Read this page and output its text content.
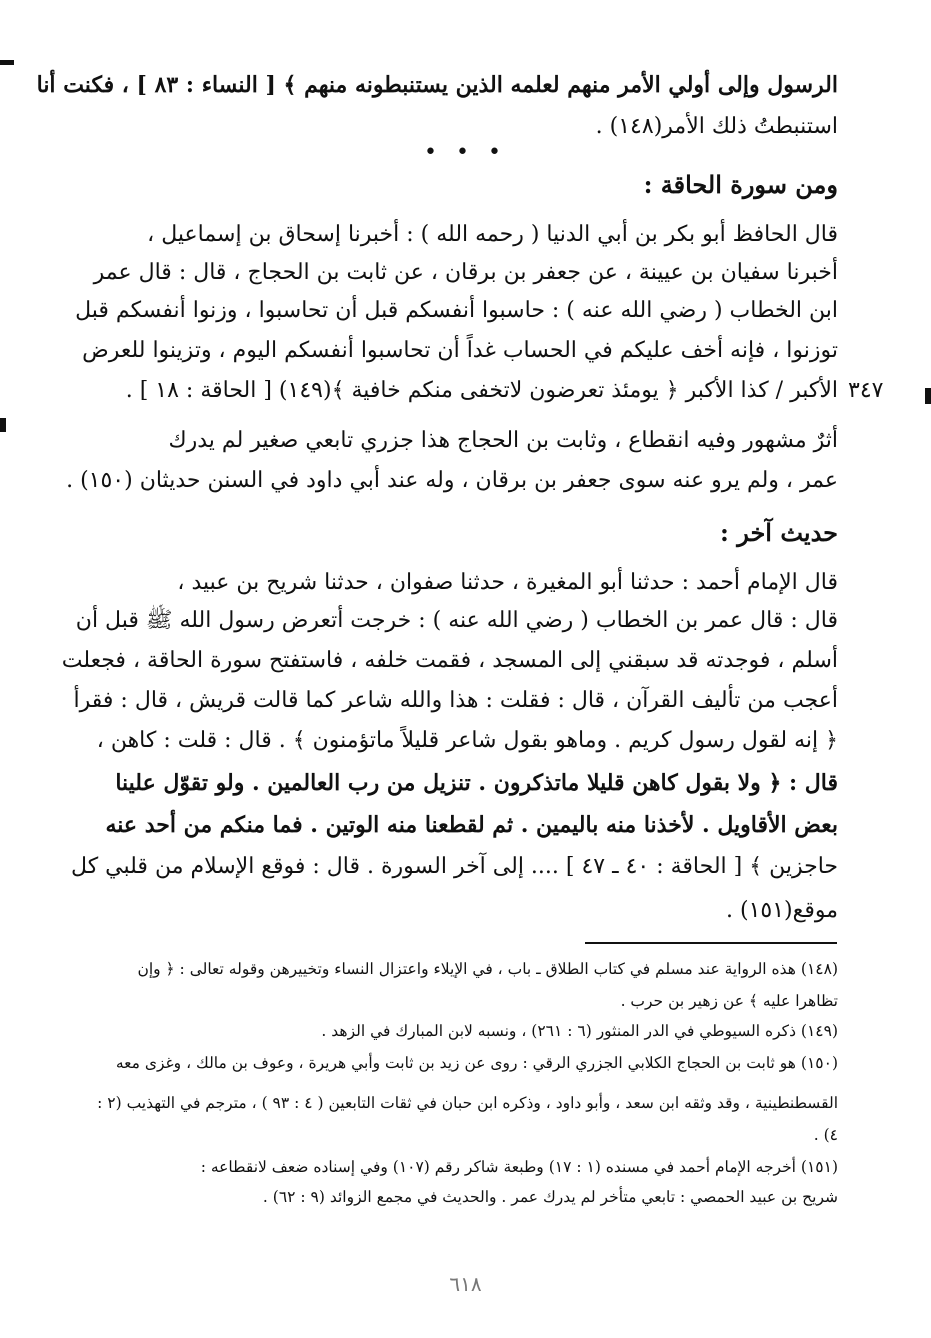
الرسول وإلى أولي الأمر منهم لعلمه الذين يستنبطونه منهم ﴾ [ النساء : ٨٣ ] ، فكنت أنا
استنبطتُ ذلك الأمر(١٤٨) .
• • •
ومن سورة الحاقة :
قال الحافظ أبو بكر بن أبي الدنيا ( رحمه الله ) : أخبرنا إسحاق بن إسماعيل ،
أخبرنا سفيان بن عيينة ، عن جعفر بن برقان ، عن ثابت بن الحجاج ، قال : قال عمر
ابن الخطاب ( رضي الله عنه ) : حاسبوا أنفسكم قبل أن تحاسبوا ، وزنوا أنفسكم قبل
توزنوا ، فإنه أخف عليكم في الحساب غداً أن تحاسبوا أنفسكم اليوم ، وتزينوا للعرض
الأكبر / كذا الأكبر ﴿ يومئذ تعرضون لاتخفى منكم خافية ﴾(١٤٩) [ الحاقة : ١٨ ] . ٣٤٧
أثرٌ مشهور وفيه انقطاع ، وثابت بن الحجاج هذا جزري تابعي صغير لم يدرك
عمر ، ولم يرو عنه سوى جعفر بن برقان ، وله عند أبي داود في السنن حديثان (١٥٠) .
حديث آخر :
قال الإمام أحمد : حدثنا أبو المغيرة ، حدثنا صفوان ، حدثنا شريح بن عبيد ،
قال : قال عمر بن الخطاب ( رضي الله عنه ) : خرجت أتعرض رسول الله ﷺ قبل أن
أسلم ، فوجدته قد سبقني إلى المسجد ، فقمت خلفه ، فاستفتح سورة الحاقة ، فجعلت
أعجب من تأليف القرآن ، قال : فقلت : هذا والله شاعر كما قالت قريش ، قال : فقرأ
﴿ إنه لقول رسول كريم . وماهو بقول شاعر قليلاً ماتؤمنون ﴾ . قال : قلت : كاهن ،
قال : ﴿ ولا بقول كاهن قليلا ماتذكرون . تنزيل من رب العالمين . ولو تقوّل علينا
بعض الأقاويل . لأخذنا منه باليمين . ثم لقطعنا منه الوتين . فما منكم من أحد عنه
حاجزين ﴾ [ الحاقة : ٤٠ ـ ٤٧ ] .... إلى آخر السورة . قال : فوقع الإسلام من قلبي كل
موقع(١٥١) .
(١٤٨) هذه الرواية عند مسلم في كتاب الطلاق ـ باب ، في الإيلاء واعتزال النساء وتخييرهن وقوله تعالى : ﴿ وإن
تظاهرا عليه ﴾ عن زهير بن حرب .
(١٤٩) ذكره السيوطي في الدر المنثور (٦ : ٢٦١) ، ونسبه لابن المبارك في الزهد .
(١٥٠) هو ثابت بن الحجاج الكلابي الجزري الرقي : روى عن زيد بن ثابت وأبي هريرة ، وعوف بن مالك ، وغزى معه
القسطنطينية ، وقد وثقه ابن سعد ، وأبو داود ، وذكره ابن حبان في ثقات التابعين ( ٤ : ٩٣ ) ، مترجم في التهذيب (٢ :
٤) .
(١٥١) أخرجه الإمام أحمد في مسنده (١ : ١٧) وطبعة شاكر رقم (١٠٧) وفي إسناده ضعف لانقطاعه :
شريح بن عبيد الحمصي : تابعي متأخر لم يدرك عمر . والحديث في مجمع الزوائد (٩ : ٦٢) .
٦١٨
